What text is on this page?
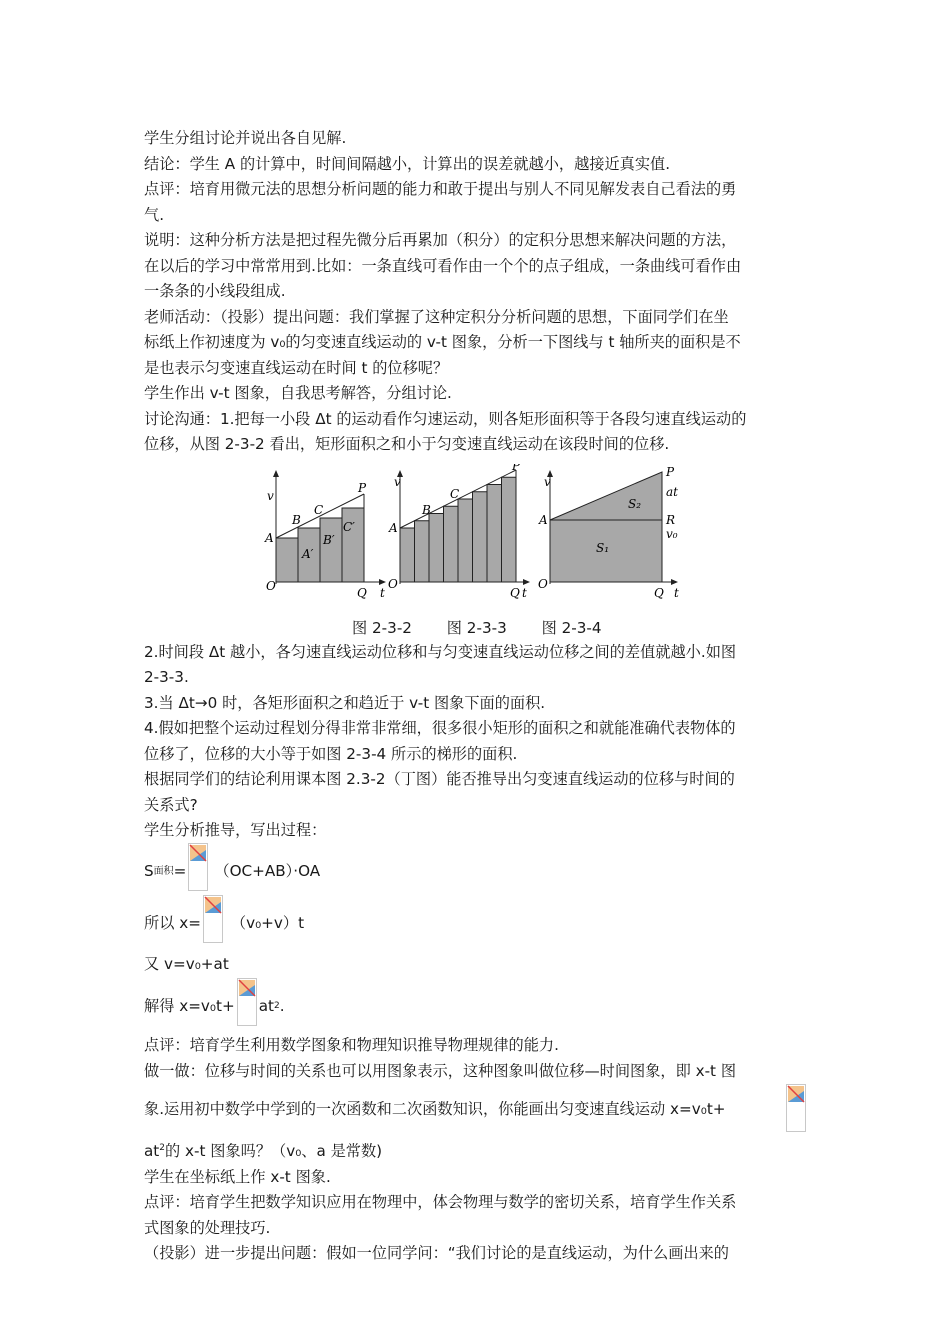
学生分组讨论并说出各自见解.
结论：学生 A 的计算中，时间间隔越小，计算出的误差就越小，越接近真实值.
点评：培育用微元法的思想分析问题的能力和敢于提出与别人不同见解发表自己看法的勇
气.
说明：这种分析方法是把过程先微分后再累加（积分）的定积分思想来解决问题的方法，
在以后的学习中常常用到.比如：一条直线可看作由一个个的点子组成，一条曲线可看作由
一条条的小线段组成.
老师活动：（投影）提出问题：我们掌握了这种定积分分析问题的思想，下面同学们在坐
标纸上作初速度为 v₀的匀变速直线运动的 v-t 图象，分析一下图线与 t 轴所夹的面积是不
是也表示匀变速直线运动在时间 t 的位移呢？
学生作出 v-t 图象，自我思考解答，分组讨论.
讨论沟通：1.把每一小段 Δt 的运动看作匀速运动，则各矩形面积等于各段匀速直线运动的
位移，从图 2-3-2 看出，矩形面积之和小于匀变速直线运动在该段时间的位移.
v
t
O	Q
P
A
B
C
A′
B′
C′
v
t
O
Q
P
A
B
C
v
t
O
Q
P
A	R
at
v₀
S₁
S₂
图 2-3-2 图 2-3-3 图 2-3-4
2.时间段 Δt 越小，各匀速直线运动位移和与匀变速直线运动位移之间的差值就越小.如图
2-3-3.
3.当 Δt→0 时，各矩形面积之和趋近于 v-t 图象下面的面积.
4.假如把整个运动过程划分得非常非常细，很多很小矩形的面积之和就能准确代表物体的
位移了，位移的大小等于如图 2-3-4 所示的梯形的面积.
根据同学们的结论利用课本图 2.3-2（丁图）能否推导出匀变速直线运动的位移与时间的
关系式?
学生分析推导，写出过程：
S 面积 = （OC+AB）·OA
所以 x= （v₀+v）t
又 v=v₀+at
解得 x=v₀t+ at 2 .
点评：培育学生利用数学图象和物理知识推导物理规律的能力.
做一做：位移与时间的关系也可以用图象表示，这种图象叫做位移—时间图象，即 x-t 图
象.运用初中数学中学到的一次函数和二次函数知识，你能画出匀变速直线运动 x=v₀t+
$at^2$的 x-t 图象吗？（v₀、a 是常数)
学生在坐标纸上作 x-t 图象.
点评：培育学生把数学知识应用在物理中，体会物理与数学的密切关系，培育学生作关系
式图象的处理技巧.
（投影）进一步提出问题：假如一位同学问：“我们讨论的是直线运动，为什么画出来的
